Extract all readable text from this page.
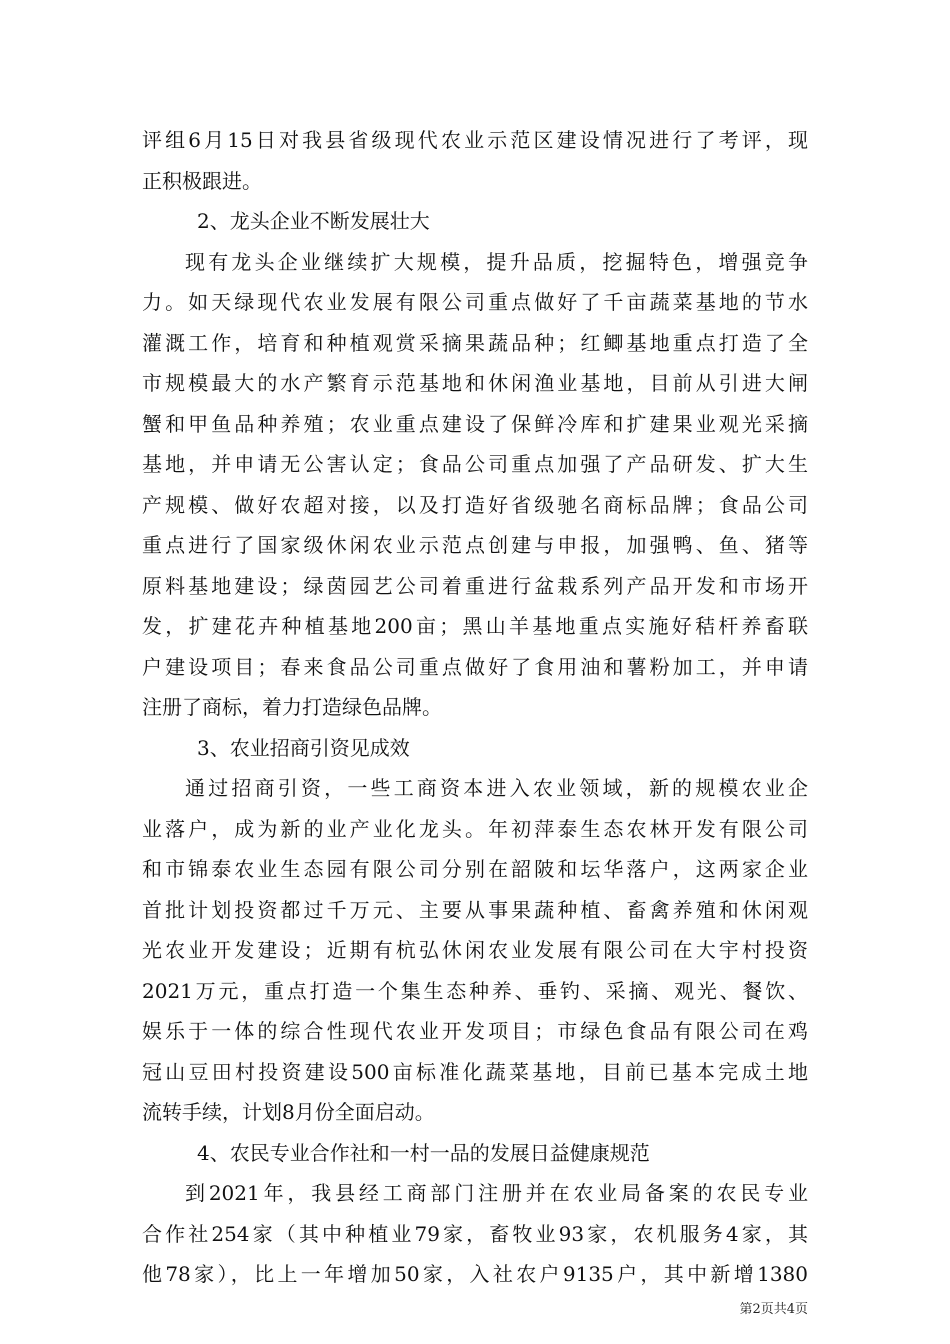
评组6月15日对我县省级现代农业示范区建设情况进行了考评，现
正积极跟进。
2、龙头企业不断发展壮大
现有龙头企业继续扩大规模，提升品质，挖掘特色，增强竞争
力。如天绿现代农业发展有限公司重点做好了千亩蔬菜基地的节水
灌溉工作，培育和种植观赏采摘果蔬品种；红鲫基地重点打造了全
市规模最大的水产繁育示范基地和休闲渔业基地，目前从引进大闸
蟹和甲鱼品种养殖；农业重点建设了保鲜冷库和扩建果业观光采摘
基地，并申请无公害认定；食品公司重点加强了产品研发、扩大生
产规模、做好农超对接，以及打造好省级驰名商标品牌；食品公司
重点进行了国家级休闲农业示范点创建与申报，加强鸭、鱼、猪等
原料基地建设；绿茵园艺公司着重进行盆栽系列产品开发和市场开
发，扩建花卉种植基地200亩；黑山羊基地重点实施好秸杆养畜联
户建设项目；春来食品公司重点做好了食用油和薯粉加工，并申请
注册了商标，着力打造绿色品牌。
3、农业招商引资见成效
通过招商引资，一些工商资本进入农业领域，新的规模农业企
业落户，成为新的业产业化龙头。年初萍泰生态农林开发有限公司
和市锦泰农业生态园有限公司分别在韶陂和坛华落户，这两家企业
首批计划投资都过千万元、主要从事果蔬种植、畜禽养殖和休闲观
光农业开发建设；近期有杭弘休闲农业发展有限公司在大宇村投资
2021万元，重点打造一个集生态种养、垂钓、采摘、观光、餐饮、
娱乐于一体的综合性现代农业开发项目；市绿色食品有限公司在鸡
冠山豆田村投资建设500亩标准化蔬菜基地，目前已基本完成土地
流转手续，计划8月份全面启动。
4、农民专业合作社和一村一品的发展日益健康规范
到2021年，我县经工商部门注册并在农业局备案的农民专业
合作社254家（其中种植业79家，畜牧业93家，农机服务4家，其
他78家），比上一年增加50家，入社农户9135户，其中新增1380
第2页共4页
